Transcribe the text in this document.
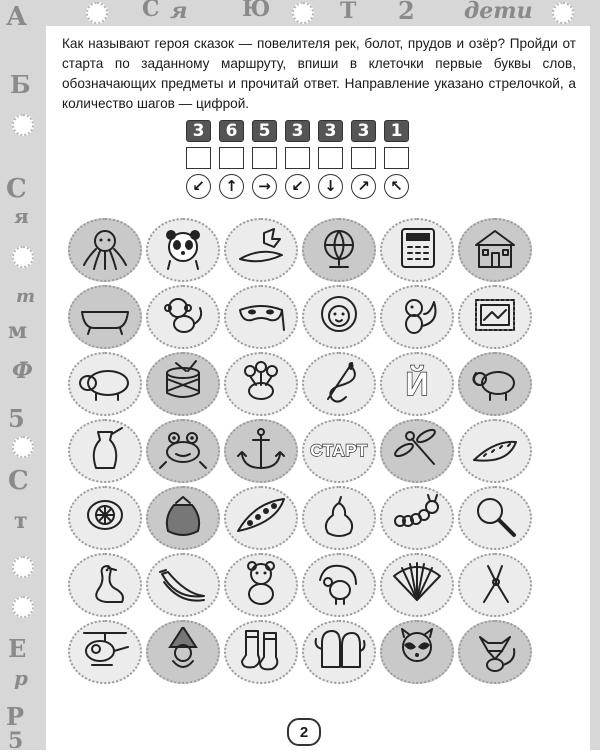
А	С я Ю	Т 2 дети
Б
С
я
т
м
Ф
5
С
т
Е
р
Р
5

Как называют героя сказок — повелителя рек, болот, прудов и озёр? Пройди от старта по заданному маршруту, впиши в клеточки первые буквы слов, обозначающих предметы и прочитай ответ. Направление указано стрелочкой, а количество шагов — цифрой.

3	6	5	3	3	3	1
↙	↑	→	↙	↓	↗	↖
Й
СТАРТ
2
